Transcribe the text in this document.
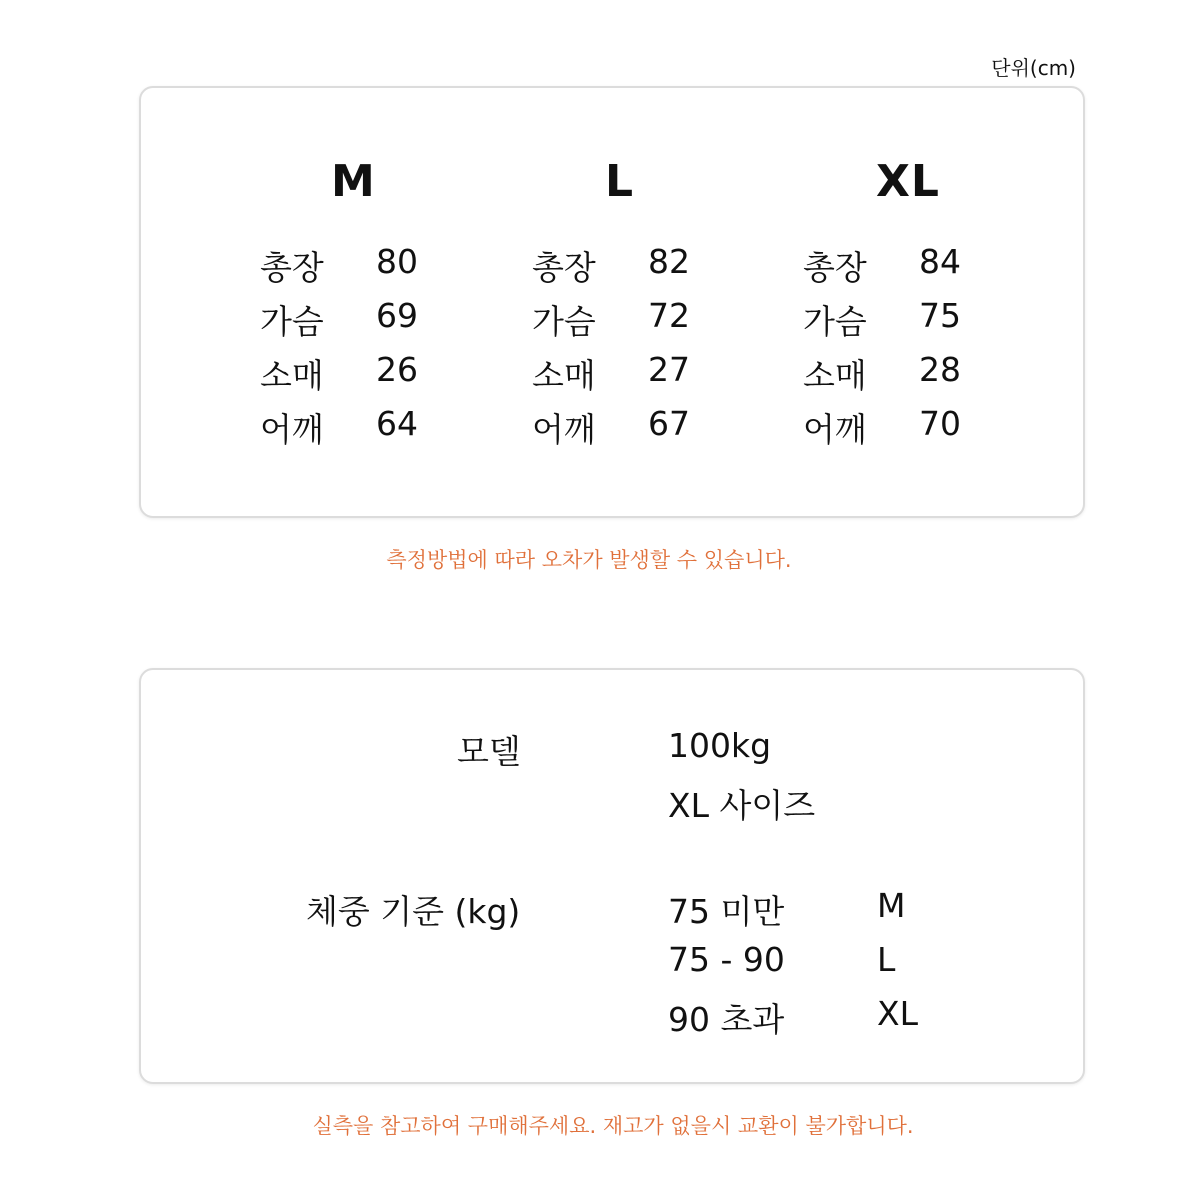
단위(cm)
M
총장 80
가슴 69
소매 26
어깨 64
L
총장 82
가슴 72
소매 27
어깨 67
XL
총장 84
가슴 75
소매 28
어깨 70
측정방법에 따라 오차가 발생할 수 있습니다.
모델	100kg
XL 사이즈
체중 기준 (kg)	75 미만	M
75 - 90	L
90 초과	XL
실측을 참고하여 구매해주세요. 재고가 없을시 교환이 불가합니다.
